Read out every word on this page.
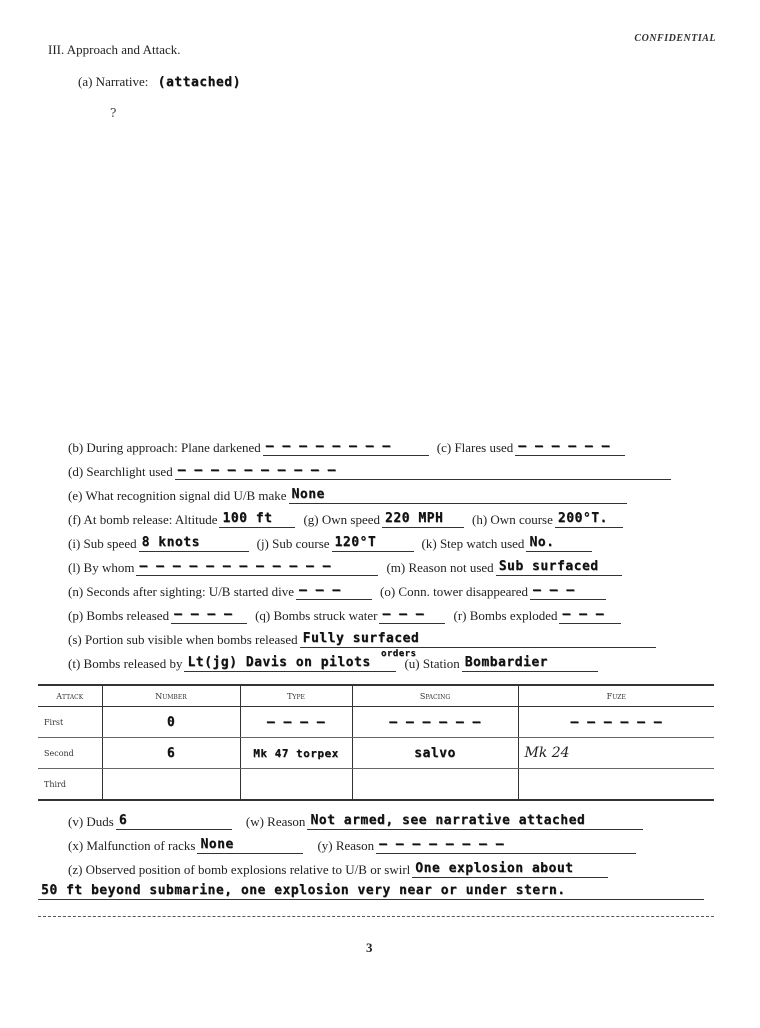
CONFIDENTIAL
III. Approach and Attack.
(a) Narrative: (attached)
?
(b) During approach: Plane darkened – – – – – – – –	(c) Flares used – – – – – –
(d) Searchlight used – – – – – – – – – –
(e) What recognition signal did U/B make None
(f) At bomb release: Altitude 100 ft	(g) Own speed 220 MPH	(h) Own course 200°T.
(i) Sub speed 8 knots	(j) Sub course 120°T	(k) Step watch used No.
(l) By whom – – – – – – – – – – – –	(m) Reason not used Sub surfaced
(n) Seconds after sighting: U/B started dive – – –	(o) Conn. tower disappeared – – –
(p) Bombs released – – – –	(q) Bombs struck water – – –	(r) Bombs exploded – – –
(s) Portion sub visible when bombs released Fully surfaced
(t) Bombs released by Lt(jg) Davis on pilots
orders
(u) Station Bombardier
Attack	Number	Type	Spacing	Fuze
First	0	– – – –	– – – – – –	– – – – – –
Second	6	Mk 47 torpex	salvo	Mk 24
Third				
(v) Duds 6	(w) Reason Not armed, see narrative attached
(x) Malfunction of racks None	(y) Reason – – – – – – – –
(z) Observed position of bomb explosions relative to U/B or swirl One explosion about
50 ft beyond submarine, one explosion very near or under stern.
3
